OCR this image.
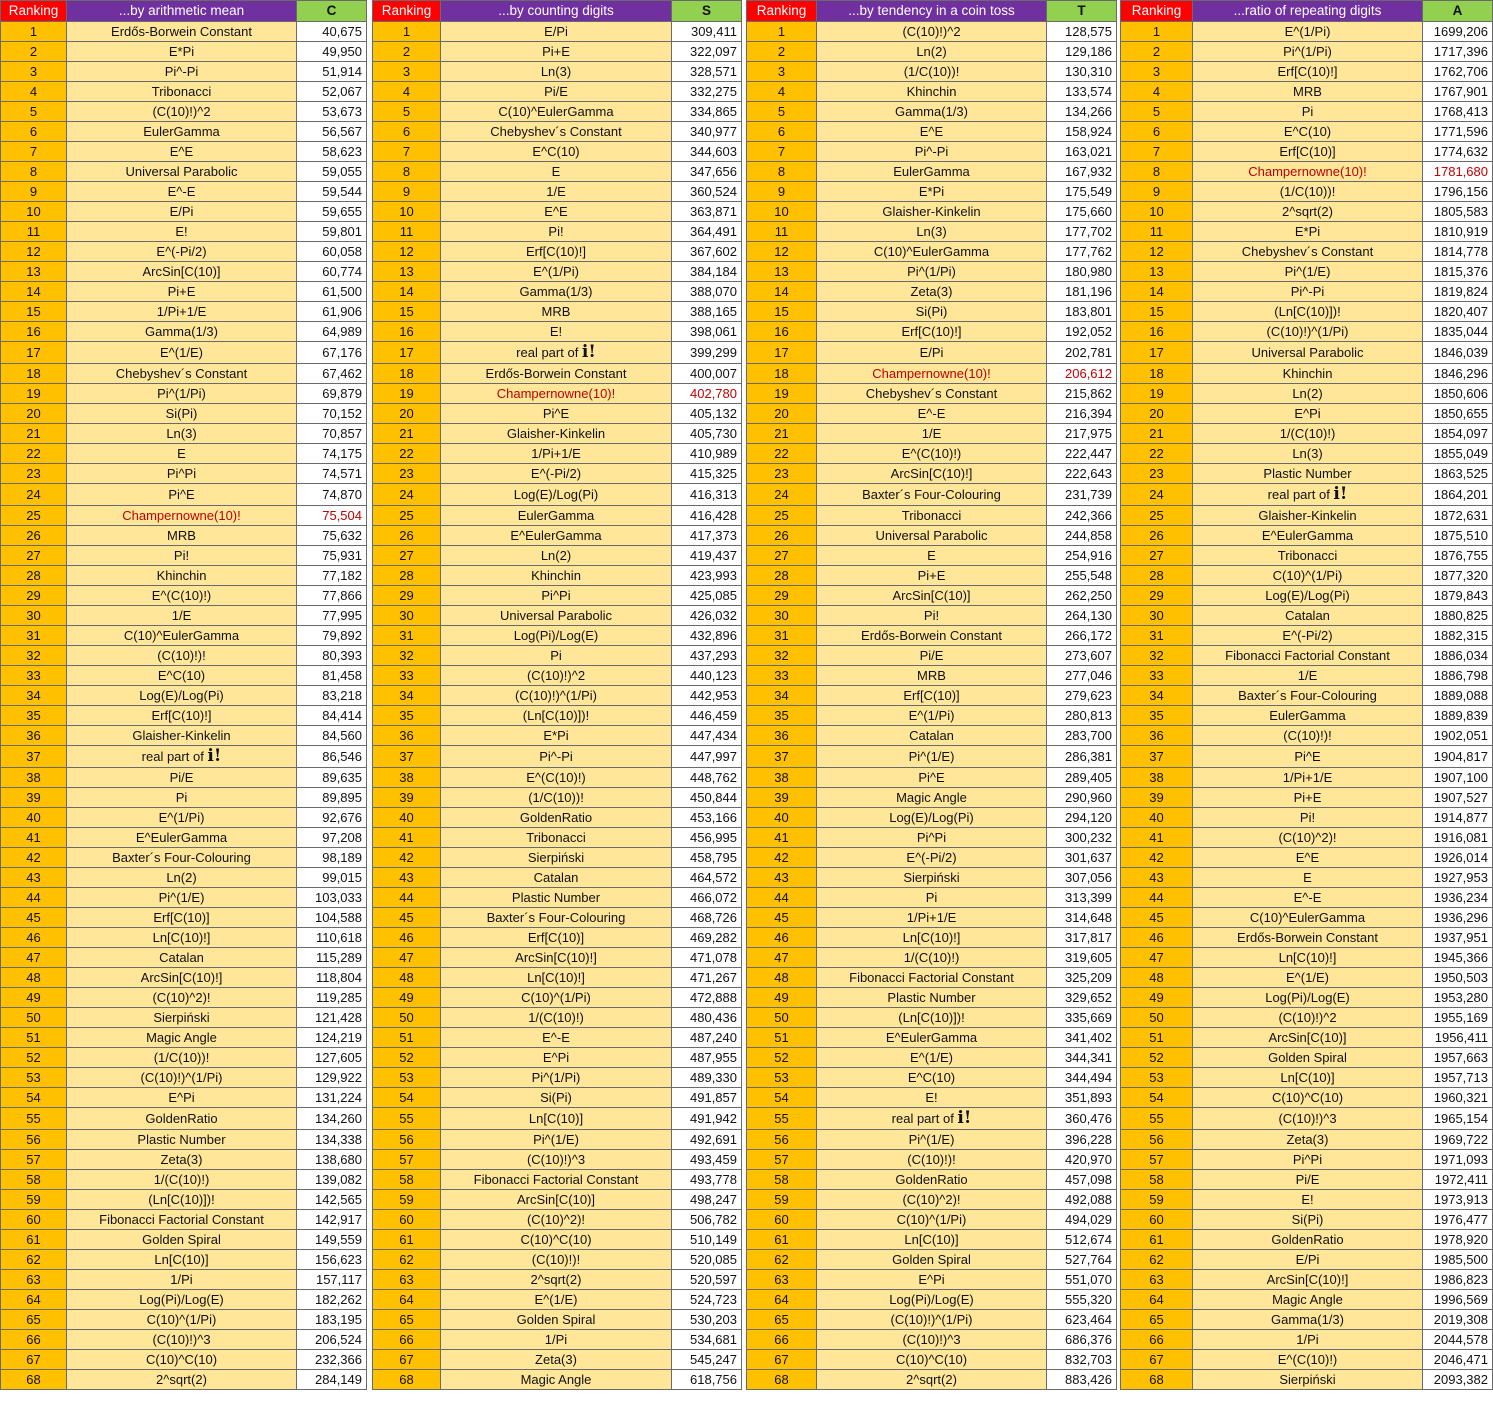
Ranking	...by arithmetic mean	C
1	Erdős-Borwein Constant	40,675
2	E*Pi	49,950
3	Pi^-Pi	51,914
4	Tribonacci	52,067
5	(C(10)!)^2	53,673
6	EulerGamma	56,567
7	E^E	58,623
8	Universal Parabolic	59,055
9	E^-E	59,544
10	E/Pi	59,655
11	E!	59,801
12	E^(-Pi/2)	60,058
13	ArcSin[C(10)]	60,774
14	Pi+E	61,500
15	1/Pi+1/E	61,906
16	Gamma(1/3)	64,989
17	E^(1/E)	67,176
18	Chebyshev´s Constant	67,462
19	Pi^(1/Pi)	69,879
20	Si(Pi)	70,152
21	Ln(3)	70,857
22	E	74,175
23	Pi^Pi	74,571
24	Pi^E	74,870
25	Champernowne(10)!	75,504
26	MRB	75,632
27	Pi!	75,931
28	Khinchin	77,182
29	E^(C(10)!)	77,866
30	1/E	77,995
31	C(10)^EulerGamma	79,892
32	(C(10)!)!	80,393
33	E^C(10)	81,458
34	Log(E)/Log(Pi)	83,218
35	Erf[C(10)!]	84,414
36	Glaisher-Kinkelin	84,560
37	real part of i!	86,546
38	Pi/E	89,635
39	Pi	89,895
40	E^(1/Pi)	92,676
41	E^EulerGamma	97,208
42	Baxter´s Four-Colouring	98,189
43	Ln(2)	99,015
44	Pi^(1/E)	103,033
45	Erf[C(10)]	104,588
46	Ln[C(10)!]	110,618
47	Catalan	115,289
48	ArcSin[C(10)!]	118,804
49	(C(10)^2)!	119,285
50	Sierpiński	121,428
51	Magic Angle	124,219
52	(1/C(10))!	127,605
53	(C(10)!)^(1/Pi)	129,922
54	E^Pi	131,224
55	GoldenRatio	134,260
56	Plastic Number	134,338
57	Zeta(3)	138,680
58	1/(C(10)!)	139,082
59	(Ln[C(10)])!	142,565
60	Fibonacci Factorial Constant	142,917
61	Golden Spiral	149,559
62	Ln[C(10)]	156,623
63	1/Pi	157,117
64	Log(Pi)/Log(E)	182,262
65	C(10)^(1/Pi)	183,195
66	(C(10)!)^3	206,524
67	C(10)^C(10)	232,366
68	2^sqrt(2)	284,149
Ranking	...by counting digits	S
1	E/Pi	309,411
2	Pi+E	322,097
3	Ln(3)	328,571
4	Pi/E	332,275
5	C(10)^EulerGamma	334,865
6	Chebyshev´s Constant	340,977
7	E^C(10)	344,603
8	E	347,656
9	1/E	360,524
10	E^E	363,871
11	Pi!	364,491
12	Erf[C(10)!]	367,602
13	E^(1/Pi)	384,184
14	Gamma(1/3)	388,070
15	MRB	388,165
16	E!	398,061
17	real part of i!	399,299
18	Erdős-Borwein Constant	400,007
19	Champernowne(10)!	402,780
20	Pi^E	405,132
21	Glaisher-Kinkelin	405,730
22	1/Pi+1/E	410,989
23	E^(-Pi/2)	415,325
24	Log(E)/Log(Pi)	416,313
25	EulerGamma	416,428
26	E^EulerGamma	417,373
27	Ln(2)	419,437
28	Khinchin	423,993
29	Pi^Pi	425,085
30	Universal Parabolic	426,032
31	Log(Pi)/Log(E)	432,896
32	Pi	437,293
33	(C(10)!)^2	440,123
34	(C(10)!)^(1/Pi)	442,953
35	(Ln[C(10)])!	446,459
36	E*Pi	447,434
37	Pi^-Pi	447,997
38	E^(C(10)!)	448,762
39	(1/C(10))!	450,844
40	GoldenRatio	453,166
41	Tribonacci	456,995
42	Sierpiński	458,795
43	Catalan	464,572
44	Plastic Number	466,072
45	Baxter´s Four-Colouring	468,726
46	Erf[C(10)]	469,282
47	ArcSin[C(10)!]	471,078
48	Ln[C(10)!]	471,267
49	C(10)^(1/Pi)	472,888
50	1/(C(10)!)	480,436
51	E^-E	487,240
52	E^Pi	487,955
53	Pi^(1/Pi)	489,330
54	Si(Pi)	491,857
55	Ln[C(10)]	491,942
56	Pi^(1/E)	492,691
57	(C(10)!)^3	493,459
58	Fibonacci Factorial Constant	493,778
59	ArcSin[C(10)]	498,247
60	(C(10)^2)!	506,782
61	C(10)^C(10)	510,149
62	(C(10)!)!	520,085
63	2^sqrt(2)	520,597
64	E^(1/E)	524,723
65	Golden Spiral	530,203
66	1/Pi	534,681
67	Zeta(3)	545,247
68	Magic Angle	618,756
Ranking	...by tendency in a coin toss	T
1	(C(10)!)^2	128,575
2	Ln(2)	129,186
3	(1/C(10))!	130,310
4	Khinchin	133,574
5	Gamma(1/3)	134,266
6	E^E	158,924
7	Pi^-Pi	163,021
8	EulerGamma	167,932
9	E*Pi	175,549
10	Glaisher-Kinkelin	175,660
11	Ln(3)	177,702
12	C(10)^EulerGamma	177,762
13	Pi^(1/Pi)	180,980
14	Zeta(3)	181,196
15	Si(Pi)	183,801
16	Erf[C(10)!]	192,052
17	E/Pi	202,781
18	Champernowne(10)!	206,612
19	Chebyshev´s Constant	215,862
20	E^-E	216,394
21	1/E	217,975
22	E^(C(10)!)	222,447
23	ArcSin[C(10)!]	222,643
24	Baxter´s Four-Colouring	231,739
25	Tribonacci	242,366
26	Universal Parabolic	244,858
27	E	254,916
28	Pi+E	255,548
29	ArcSin[C(10)]	262,250
30	Pi!	264,130
31	Erdős-Borwein Constant	266,172
32	Pi/E	273,607
33	MRB	277,046
34	Erf[C(10)]	279,623
35	E^(1/Pi)	280,813
36	Catalan	283,700
37	Pi^(1/E)	286,381
38	Pi^E	289,405
39	Magic Angle	290,960
40	Log(E)/Log(Pi)	294,120
41	Pi^Pi	300,232
42	E^(-Pi/2)	301,637
43	Sierpiński	307,056
44	Pi	313,399
45	1/Pi+1/E	314,648
46	Ln[C(10)!]	317,817
47	1/(C(10)!)	319,605
48	Fibonacci Factorial Constant	325,209
49	Plastic Number	329,652
50	(Ln[C(10)])!	335,669
51	E^EulerGamma	341,402
52	E^(1/E)	344,341
53	E^C(10)	344,494
54	E!	351,893
55	real part of i!	360,476
56	Pi^(1/E)	396,228
57	(C(10)!)!	420,970
58	GoldenRatio	457,098
59	(C(10)^2)!	492,088
60	C(10)^(1/Pi)	494,029
61	Ln[C(10)]	512,674
62	Golden Spiral	527,764
63	E^Pi	551,070
64	Log(Pi)/Log(E)	555,320
65	(C(10)!)^(1/Pi)	623,464
66	(C(10)!)^3	686,376
67	C(10)^C(10)	832,703
68	2^sqrt(2)	883,426
Ranking	...ratio of repeating digits	A
1	E^(1/Pi)	1699,206
2	Pi^(1/Pi)	1717,396
3	Erf[C(10)!]	1762,706
4	MRB	1767,901
5	Pi	1768,413
6	E^C(10)	1771,596
7	Erf[C(10)]	1774,632
8	Champernowne(10)!	1781,680
9	(1/C(10))!	1796,156
10	2^sqrt(2)	1805,583
11	E*Pi	1810,919
12	Chebyshev´s Constant	1814,778
13	Pi^(1/E)	1815,376
14	Pi^-Pi	1819,824
15	(Ln[C(10)])!	1820,407
16	(C(10)!)^(1/Pi)	1835,044
17	Universal Parabolic	1846,039
18	Khinchin	1846,296
19	Ln(2)	1850,606
20	E^Pi	1850,655
21	1/(C(10)!)	1854,097
22	Ln(3)	1855,049
23	Plastic Number	1863,525
24	real part of i!	1864,201
25	Glaisher-Kinkelin	1872,631
26	E^EulerGamma	1875,510
27	Tribonacci	1876,755
28	C(10)^(1/Pi)	1877,320
29	Log(E)/Log(Pi)	1879,843
30	Catalan	1880,825
31	E^(-Pi/2)	1882,315
32	Fibonacci Factorial Constant	1886,034
33	1/E	1886,798
34	Baxter´s Four-Colouring	1889,088
35	EulerGamma	1889,839
36	(C(10)!)!	1902,051
37	Pi^E	1904,817
38	1/Pi+1/E	1907,100
39	Pi+E	1907,527
40	Pi!	1914,877
41	(C(10)^2)!	1916,081
42	E^E	1926,014
43	E	1927,953
44	E^-E	1936,234
45	C(10)^EulerGamma	1936,296
46	Erdős-Borwein Constant	1937,951
47	Ln[C(10)!]	1945,366
48	E^(1/E)	1950,503
49	Log(Pi)/Log(E)	1953,280
50	(C(10)!)^2	1955,169
51	ArcSin[C(10)]	1956,411
52	Golden Spiral	1957,663
53	Ln[C(10)]	1957,713
54	C(10)^C(10)	1960,321
55	(C(10)!)^3	1965,154
56	Zeta(3)	1969,722
57	Pi^Pi	1971,093
58	Pi/E	1972,411
59	E!	1973,913
60	Si(Pi)	1976,477
61	GoldenRatio	1978,920
62	E/Pi	1985,500
63	ArcSin[C(10)!]	1986,823
64	Magic Angle	1996,569
65	Gamma(1/3)	2019,308
66	1/Pi	2044,578
67	E^(C(10)!)	2046,471
68	Sierpiński	2093,382
